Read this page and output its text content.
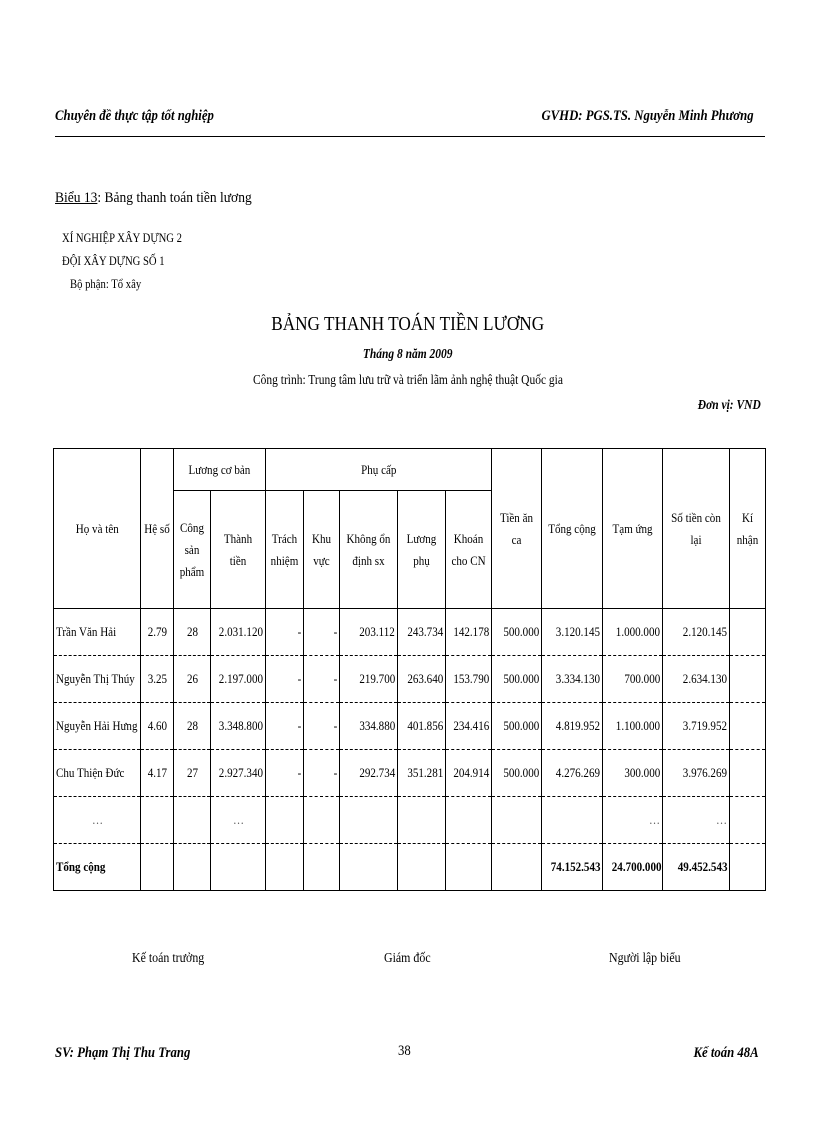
Chuyên đề thực tập tốt nghiệp	GVHD: PGS.TS. Nguyễn Minh Phương
Biểu 13: Bảng thanh toán tiền lương
XÍ NGHIỆP XÂY DỰNG 2
ĐỘI XÂY DỰNG SỐ 1
Bộ phận: Tổ xây
BẢNG THANH TOÁN TIỀN LƯƠNG
Tháng 8 năm 2009
Công trình: Trung tâm lưu trữ và triển lãm ảnh nghệ thuật Quốc gia
Đơn vị: VND
Họ và tên	Hệ số	Lương cơ bản		Phụ cấp					Tiền ăn ca	Tổng cộng	Tạm ứng	Số tiền còn lại	Kí nhận
		Công sản phẩm	Thành tiền	Trách nhiệm	Khu vực	Không ổn định sx	Lương phụ	Khoán cho CN					
Trần Văn Hải	2.79	28	2.031.120	-	-	203.112	243.734	142.178	500.000	3.120.145	1.000.000	2.120.145	
Nguyễn Thị Thúy	3.25	26	2.197.000	-	-	219.700	263.640	153.790	500.000	3.334.130	700.000	2.634.130	
Nguyễn Hải Hưng	4.60	28	3.348.800	-	-	334.880	401.856	234.416	500.000	4.819.952	1.100.000	3.719.952	
Chu Thiện Đức	4.17	27	2.927.340	-	-	292.734	351.281	204.914	500.000	4.276.269	300.000	3.976.269	
…			…								…	…	
Tổng cộng										74.152.543	24.700.000	49.452.543	
Kế toán trưởng	Giám đốc	Người lập biểu
SV: Phạm Thị Thu Trang	38	Kế toán 48A
